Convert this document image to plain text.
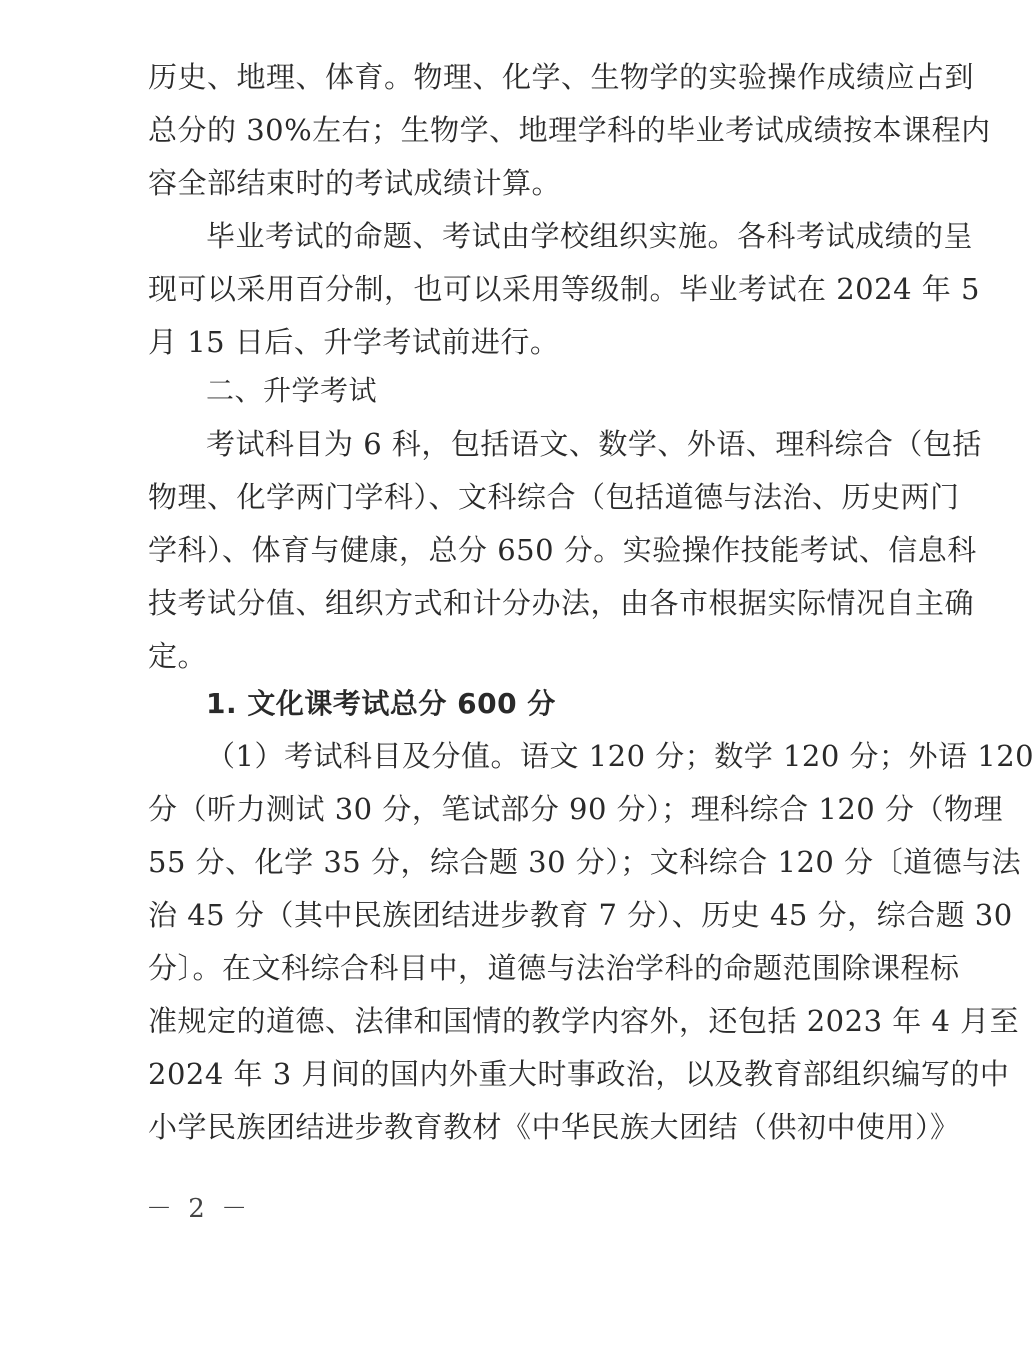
历史、地理、体育。物理、化学、生物学的实验操作成绩应占到
总分的 30%左右；生物学、地理学科的毕业考试成绩按本课程内
容全部结束时的考试成绩计算。
毕业考试的命题、考试由学校组织实施。各科考试成绩的呈
现可以采用百分制，也可以采用等级制。毕业考试在 2024 年 5
月 15 日后、升学考试前进行。
二、升学考试
考试科目为 6 科，包括语文、数学、外语、理科综合（包括
物理、化学两门学科）、文科综合（包括道德与法治、历史两门
学科）、体育与健康，总分 650 分。实验操作技能考试、信息科
技考试分值、组织方式和计分办法，由各市根据实际情况自主确
定。
1. 文化课考试总分 600 分
（1）考试科目及分值。语文 120 分；数学 120 分；外语 120
分（听力测试 30 分，笔试部分 90 分）；理科综合 120 分（物理
55 分、化学 35 分，综合题 30 分）；文科综合 120 分〔道德与法
治 45 分（其中民族团结进步教育 7 分）、历史 45 分，综合题 30
分〕。在文科综合科目中，道德与法治学科的命题范围除课程标
准规定的道德、法律和国情的教学内容外，还包括 2023 年 4 月至
2024 年 3 月间的国内外重大时事政治，以及教育部组织编写的中
小学民族团结进步教育教材《中华民族大团结（供初中使用）》
－ 2 －
